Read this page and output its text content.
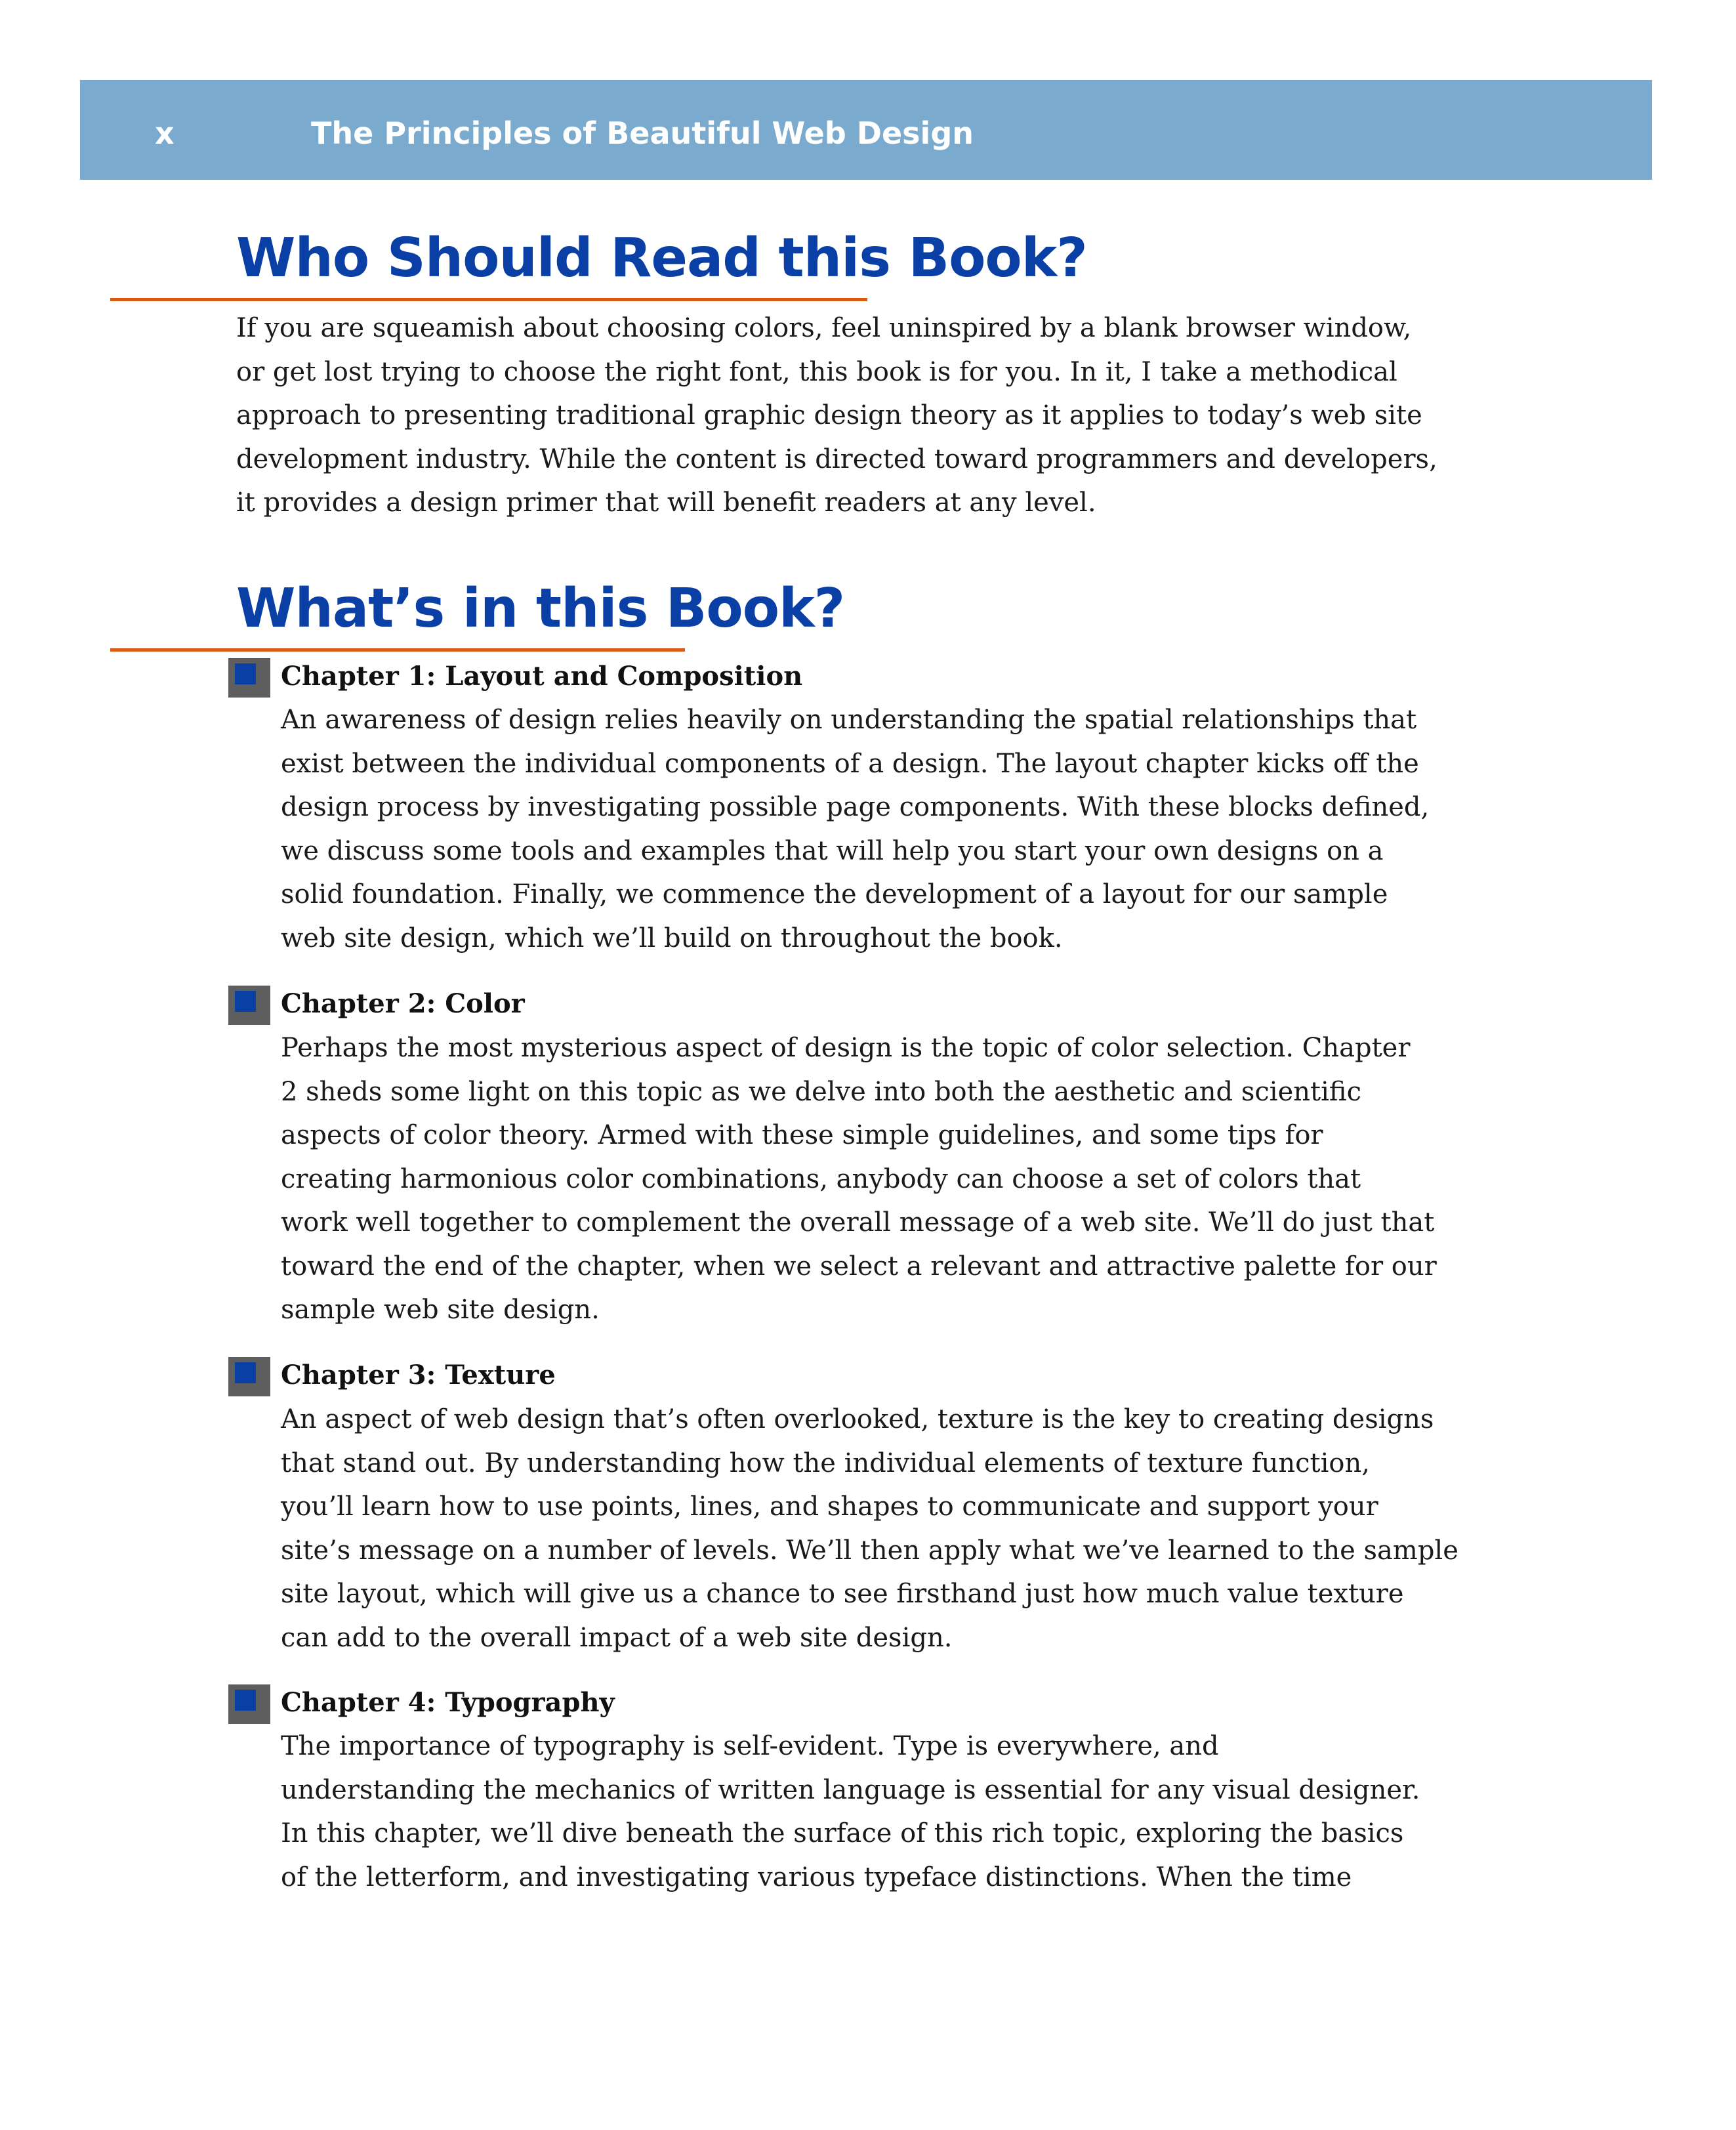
x	The Principles of Beautiful Web Design
Who Should Read this Book?
If you are squeamish about choosing colors, feel uninspired by a blank browser window,
or get lost trying to choose the right font, this book is for you. In it, I take a methodical
approach to presenting traditional graphic design theory as it applies to today’s web site
development industry. While the content is directed toward programmers and developers,
it provides a design primer that will benefit readers at any level.
What’s in this Book?
Chapter 1: Layout and Composition
An awareness of design relies heavily on understanding the spatial relationships that
exist between the individual components of a design. The layout chapter kicks off the
design process by investigating possible page components. With these blocks defined,
we discuss some tools and examples that will help you start your own designs on a
solid foundation. Finally, we commence the development of a layout for our sample
web site design, which we’ll build on throughout the book.
Chapter 2: Color
Perhaps the most mysterious aspect of design is the topic of color selection. Chapter
2 sheds some light on this topic as we delve into both the aesthetic and scientific
aspects of color theory. Armed with these simple guidelines, and some tips for
creating harmonious color combinations, anybody can choose a set of colors that
work well together to complement the overall message of a web site. We’ll do just that
toward the end of the chapter, when we select a relevant and attractive palette for our
sample web site design.
Chapter 3: Texture
An aspect of web design that’s often overlooked, texture is the key to creating designs
that stand out. By understanding how the individual elements of texture function,
you’ll learn how to use points, lines, and shapes to communicate and support your
site’s message on a number of levels. We’ll then apply what we’ve learned to the sample
site layout, which will give us a chance to see firsthand just how much value texture
can add to the overall impact of a web site design.
Chapter 4: Typography
The importance of typography is self-evident. Type is everywhere, and
understanding the mechanics of written language is essential for any visual designer.
In this chapter, we’ll dive beneath the surface of this rich topic, exploring the basics
of the letterform, and investigating various typeface distinctions. When the time
